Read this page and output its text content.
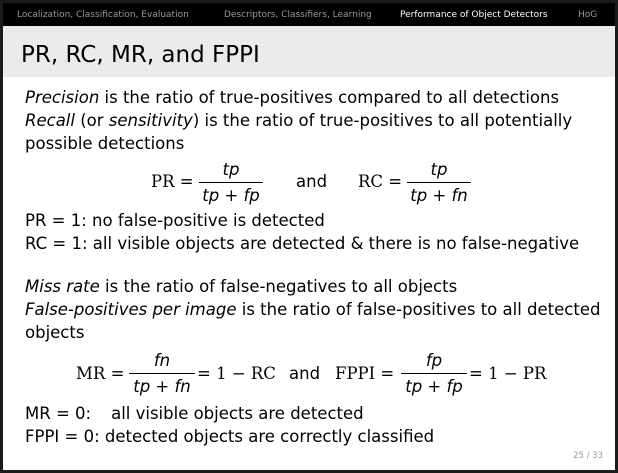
Localization, Classification, Evaluation	Descriptors, Classifiers, Learning	Performance of Object Detectors	HoG
PR, RC, MR, and FPPI
Precision is the ratio of true-positives compared to all detections
Recall (or sensitivity) is the ratio of true-positives to all potentially
possible detections
PR =
tp
tp + fp
and RC =
tp
tp + fn
PR = 1: no false-positive is detected
RC = 1: all visible objects are detected & there is no false-negative
Miss rate is the ratio of false-negatives to all objects
False-positives per image is the ratio of false-positives to all detected
objects
MR =
fn
tp + fn
= 1 − RC and FPPI =
fp
tp + fp
= 1 − PR
MR = 0: all visible objects are detected
FPPI = 0: detected objects are correctly classified
25 / 33
